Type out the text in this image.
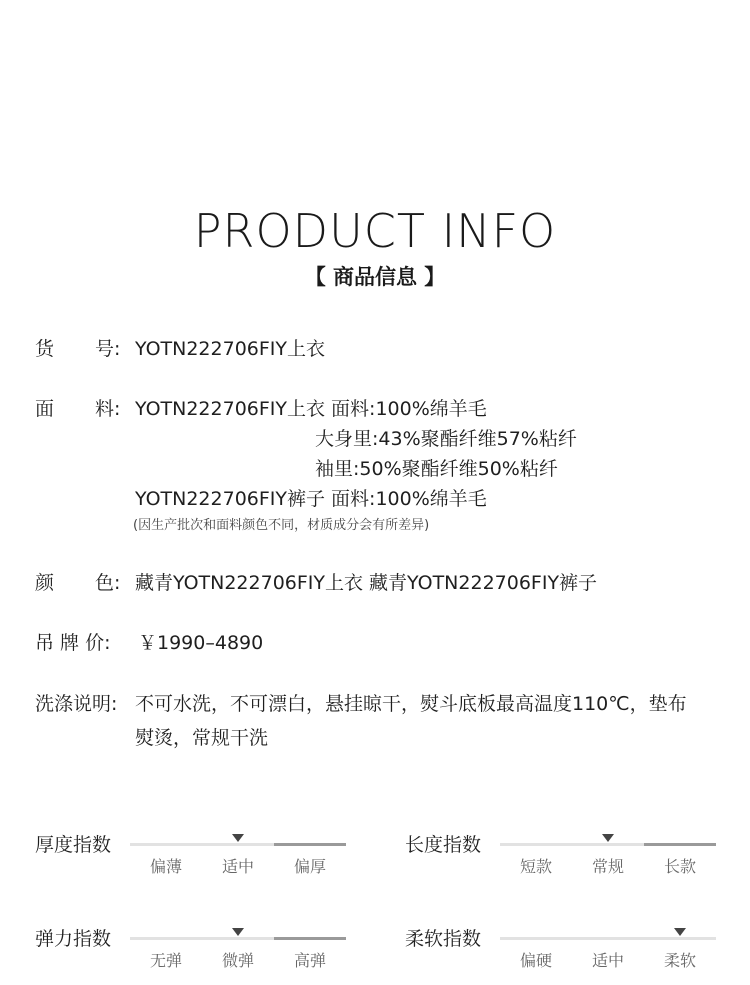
PRODUCT INFO
【 商品信息 】
货 号: YOTN222706FIY上衣
面 料: YOTN222706FIY上衣 面料:100%绵羊毛
大身里:43%聚酯纤维57%粘纤
袖里:50%聚酯纤维50%粘纤
YOTN222706FIY裤子 面料:100%绵羊毛
(因生产批次和面料颜色不同，材质成分会有所差异)
颜 色: 藏青YOTN222706FIY上衣 藏青YOTN222706FIY裤子
吊 牌 价: ￥1990–4890
洗涤说明: 不可水洗，不可漂白，悬挂晾干，熨斗底板最高温度110℃，垫布
熨烫，常规干洗
厚度指数
偏薄	适中	偏厚
长度指数
短款	常规	长款
弹力指数
无弹	微弹	高弹
柔软指数
偏硬	适中	柔软
